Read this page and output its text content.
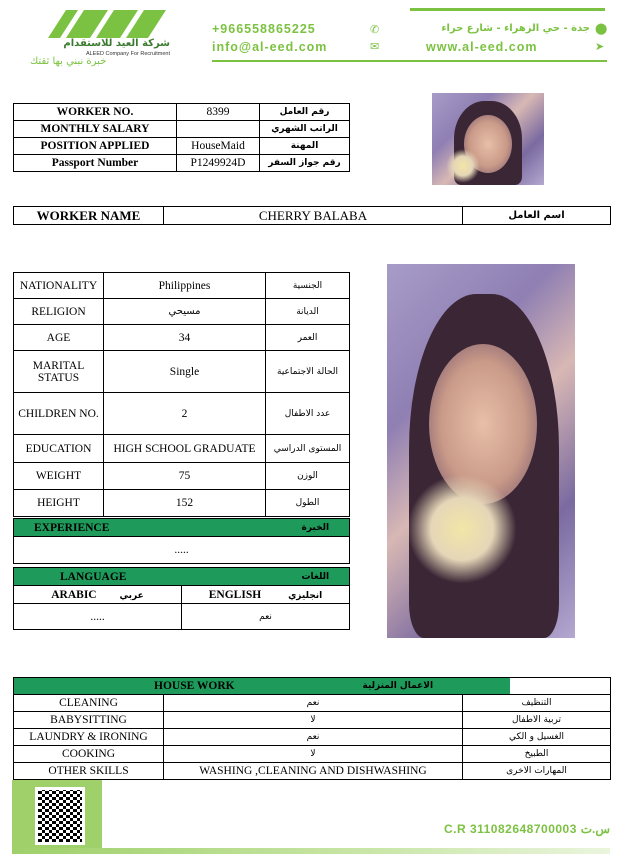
شركة العيد للاستقدام
ALEED Company For Recruitment
خبرة نبني بها ثقتك
+966558865225	✆	جدة - حي الزهراء - شارع حراء ⬤
info@al-eed.com	✉	www.al-eed.com	➤
WORKER NO.	8399	رقم العامل
MONTHLY SALARY		الراتب الشهري
POSITION APPLIED	HouseMaid	المهنة
Passport Number	P1249924D	رقم جواز السفر
WORKER NAME	CHERRY BALABA	اسم العامل
NATIONALITY	Philippines	الجنسية
RELIGION	مسيحي	الديانة
AGE	34	العمر
MARITAL STATUS	Single	الحالة الاجتماعية
CHILDREN NO.	2	عدد الاطفال
EDUCATION	HIGH SCHOOL GRADUATE	المستوى الدراسي
WEIGHT	75	الوزن
HEIGHT	152	الطول
EXPERIENCE	الخبرة
.....
LANGUAGE	اللغات
ARABIC عربي	ENGLISH انجليزي
.....	نعم
HOUSE WORK	الاعمال المنزلية
CLEANING	نعم	التنظيف
BABYSITTING	لا	تربية الاطفال
LAUNDRY & IRONING	نعم	الغسيل و الكي
COOKING	لا	الطبيخ
OTHER SKILLS	WASHING ,CLEANING AND DISHWASHING	المهارات الاخرى
C.R 311082648700003 س.ت
